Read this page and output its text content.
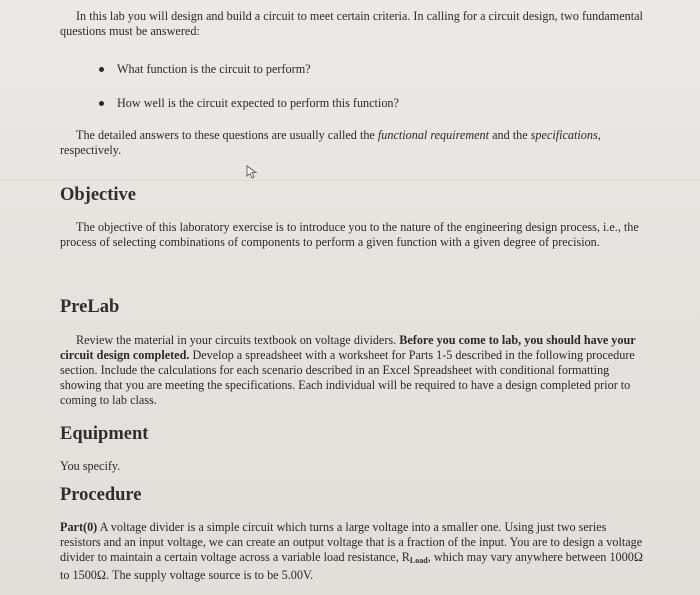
In this lab you will design and build a circuit to meet certain criteria. In calling for a circuit design, two fundamental questions must be answered:

What function is the circuit to perform?
How well is the circuit expected to perform this function?

The detailed answers to these questions are usually called the functional requirement and the specifications, respectively.

Objective

The objective of this laboratory exercise is to introduce you to the nature of the engineering design process, i.e., the process of selecting combinations of components to perform a given function with a given degree of precision.

PreLab

Review the material in your circuits textbook on voltage dividers. Before you come to lab, you should have your circuit design completed. Develop a spreadsheet with a worksheet for Parts 1-5 described in the following procedure section. Include the calculations for each scenario described in an Excel Spreadsheet with conditional formatting showing that you are meeting the specifications. Each individual will be required to have a design completed prior to coming to lab class.

Equipment

You specify.

Procedure

Part(0) A voltage divider is a simple circuit which turns a large voltage into a smaller one. Using just two series resistors and an input voltage, we can create an output voltage that is a fraction of the input. You are to design a voltage divider to maintain a certain voltage across a variable load resistance, $R_{Load}$, which may vary anywhere between 1000Ω to 1500Ω. The supply voltage source is to be 5.00V.
